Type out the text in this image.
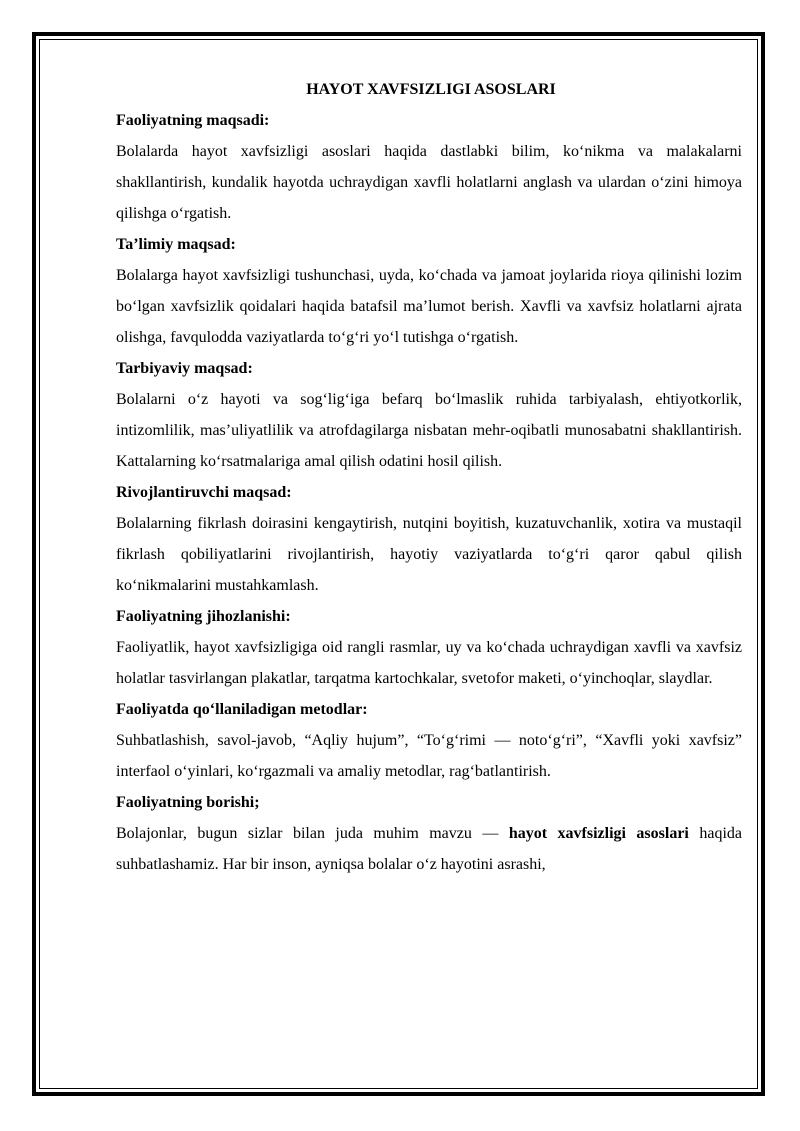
HAYOT XAVFSIZLIGI ASOSLARI

Faoliyatning maqsadi:

Bolalarda hayot xavfsizligi asoslari haqida dastlabki bilim, ko‘nikma va malakalarni shakllantirish, kundalik hayotda uchraydigan xavfli holatlarni anglash va ulardan o‘zini himoya qilishga o‘rgatish.

Ta’limiy maqsad:

Bolalarga hayot xavfsizligi tushunchasi, uyda, ko‘chada va jamoat joylarida rioya qilinishi lozim bo‘lgan xavfsizlik qoidalari haqida batafsil ma’lumot berish. Xavfli va xavfsiz holatlarni ajrata olishga, favqulodda vaziyatlarda to‘g‘ri yo‘l tutishga o‘rgatish.

Tarbiyaviy maqsad:

Bolalarni o‘z hayoti va sog‘lig‘iga befarq bo‘lmaslik ruhida tarbiyalash, ehtiyotkorlik, intizomlilik, mas’uliyatlilik va atrofdagilarga nisbatan mehr-oqibatli munosabatni shakllantirish. Kattalarning ko‘rsatmalariga amal qilish odatini hosil qilish.

Rivojlantiruvchi maqsad:

Bolalarning fikrlash doirasini kengaytirish, nutqini boyitish, kuzatuvchanlik, xotira va mustaqil fikrlash qobiliyatlarini rivojlantirish, hayotiy vaziyatlarda to‘g‘ri qaror qabul qilish ko‘nikmalarini mustahkamlash.

Faoliyatning jihozlanishi:

Faoliyatlik, hayot xavfsizligiga oid rangli rasmlar, uy va ko‘chada uchraydigan xavfli va xavfsiz holatlar tasvirlangan plakatlar, tarqatma kartochkalar, svetofor maketi, o‘yinchoqlar, slaydlar.

Faoliyatda qo‘llaniladigan metodlar:

Suhbatlashish, savol-javob, “Aqliy hujum”, “To‘g‘rimi — noto‘g‘ri”, “Xavfli yoki xavfsiz” interfaol o‘yinlari, ko‘rgazmali va amaliy metodlar, rag‘batlantirish.

Faoliyatning borishi;

Bolajonlar, bugun sizlar bilan juda muhim mavzu — hayot xavfsizligi asoslari haqida suhbatlashamiz. Har bir inson, ayniqsa bolalar o‘z hayotini asrashi,
